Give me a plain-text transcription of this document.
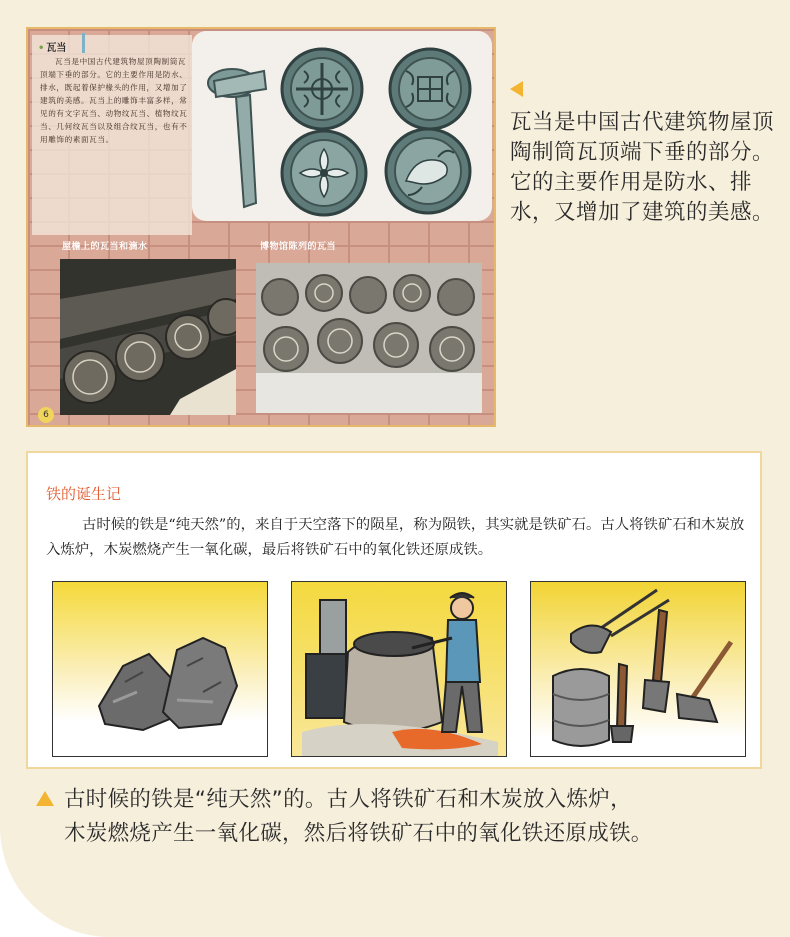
• 瓦当
瓦当是中国古代建筑物屋顶陶制筒瓦顶端下垂的部分。它的主要作用是防水、排水，既起着保护椽头的作用，又增加了建筑的美感。瓦当上的雕饰丰富多样，常见的有文字瓦当、动物纹瓦当、植物纹瓦当、几何纹瓦当以及组合纹瓦当，也有不用雕饰的素面瓦当。
屋檐上的瓦当和滴水	博物馆陈列的瓦当
6

瓦当是中国古代建筑物屋顶陶制筒瓦顶端下垂的部分。

它的主要作用是防水、排水，又增加了建筑的美感。

铁的诞生记
古时候的铁是“纯天然”的，来自于天空落下的陨星，称为陨铁，其实就是铁矿石。古人将铁矿石和木炭放入炼炉，木炭燃烧产生一氧化碳，最后将铁矿石中的氧化铁还原成铁。

古时候的铁是“纯天然”的。古人将铁矿石和木炭放入炼炉，

木炭燃烧产生一氧化碳，然后将铁矿石中的氧化铁还原成铁。
